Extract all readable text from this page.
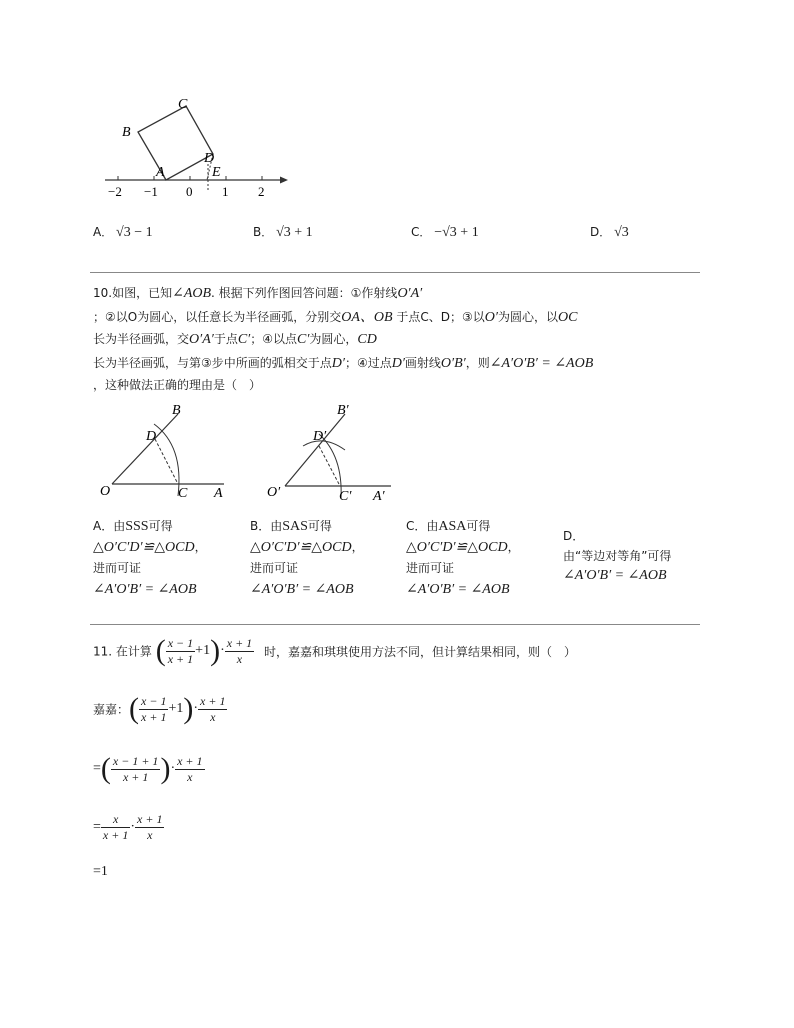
B
C
D
A	E
−2 −1 0 1 2
A． √3 − 1	B． √3 + 1	C． −√3 + 1	D． √3
10.如图，已知∠AOB. 根据下列作图回答问题：①作射线O′A′
；②以O为圆心，以任意长为半径画弧，分别交OA、OB 于点C、D；③以O′为圆心，以OC
长为半径画弧，交O′A′于点C′；④以点C′为圆心，CD
长为半径画弧，与第③步中所画的弧相交于点D′；④过点D′画射线O′B′，则∠A′O′B′ = ∠AOB
，这种做法正确的理由是（　）
B
D
O	C A
B′
D′
O′	C′ A′
A．由SSS可得
△O′C′D′≌△OCD，
进而可证
∠A′O′B′ = ∠AOB
B．由SAS可得
△O′C′D′≌△OCD，
进而可证
∠A′O′B′ = ∠AOB
C．由ASA可得
△O′C′D′≌△OCD，
进而可证
∠A′O′B′ = ∠AOB
D．
由“等边对等角”可得
∠A′O′B′ = ∠AOB
11. 在计算 ( $\frac{x - 1}{x + 1} +1)\cdot \frac{x + 1}{x}$ 时，嘉嘉和琪琪使用方法不同，但计算结果相同，则（　）
嘉嘉：( $\frac{x - 1}{x + 1} +1)\cdot \frac{x + 1}{x}$
=( $\frac{x - 1 + 1}{x + 1}$ )· $\frac{x + 1}{x}$
= $\frac{x}{x + 1} \cdot \frac{x + 1}{x}$
=1
